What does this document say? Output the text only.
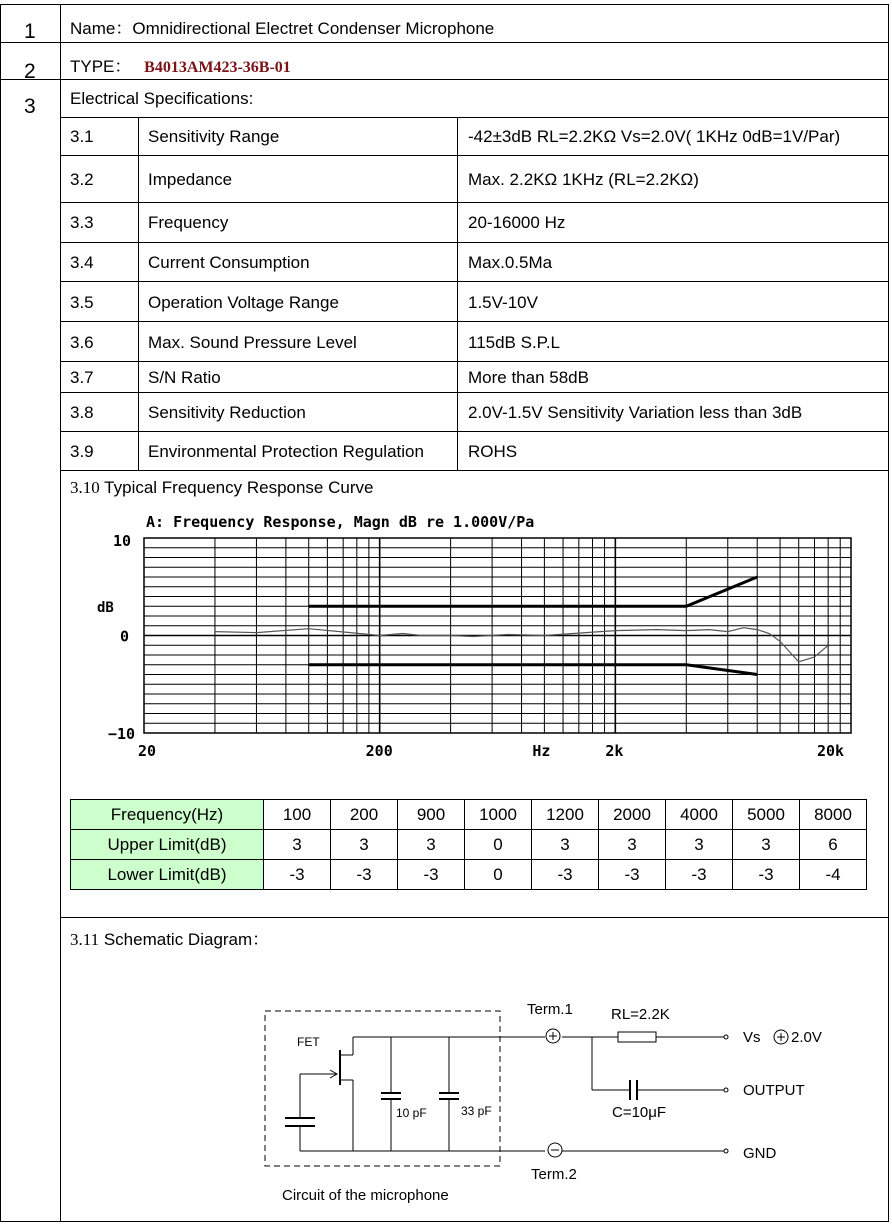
1 Name：Omnidirectional Electret Condenser Microphone
2 TYPE： B4013AM423-36B-01
3 Electrical Specifications:
3.1	Sensitivity Range	-42±3dB RL=2.2KΩ Vs=2.0V( 1KHz 0dB=1V/Par)
3.2	Impedance	Max. 2.2KΩ 1KHz (RL=2.2KΩ)
3.3	Frequency	20-16000 Hz
3.4	Current Consumption	Max.0.5Ma
3.5	Operation Voltage Range	1.5V-10V
3.6	Max. Sound Pressure Level	115dB S.P.L
3.7	S/N Ratio	More than 58dB
3.8	Sensitivity Reduction	2.0V-1.5V Sensitivity Variation less than 3dB
3.9	Environmental Protection Regulation	ROHS
3.10 Typical Frequency Response Curve
A: Frequency Response, Magn dB re 1.000V/Pa
dB
10
0
−10
20	200	Hz	2k	20k
Frequency(Hz)	100	200	900	1000	1200	2000	4000	5000	8000
Upper Limit(dB)	3	3	3	0	3	3	3	3	6
Lower Limit(dB)	-3	-3	-3	0	-3	-3	-3	-3	-4
3.11 Schematic Diagram：
Term.1	RL=2.2K
Vs 2.0V
OUTPUT
C=10μF
GND
Term.2
Circuit of the microphone
FET
10 pF	33 pF
